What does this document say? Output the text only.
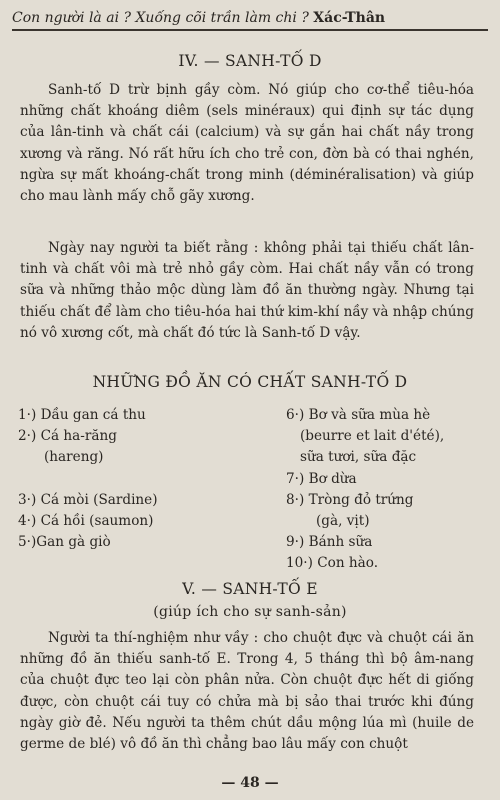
Con người là ai ? Xuống cõi trần làm chi ? Xác-Thân
IV. — SANH-TỐ D

Sanh-tố D trừ bịnh gầy còm. Nó giúp cho cơ-thể tiêu-hóa những chất khoáng diêm (sels minéraux) qui định sự tác dụng của lân-tinh và chất cái (calcium) và sự gắn hai chất nầy trong xương và răng. Nó rất hữu ích cho trẻ con, đờn bà có thai nghén, ngừa sự mất khoáng-chất trong minh (déminéralisation) và giúp cho mau lành mấy chỗ gãy xương.

Ngày nay người ta biết rằng : không phải tại thiếu chất lân-tinh và chất vôi mà trẻ nhỏ gầy còm. Hai chất nầy vẫn có trong sữa và những thảo mộc dùng làm đồ ăn thường ngày. Nhưng tại thiếu chất để làm cho tiêu-hóa hai thứ kim-khí nầy và nhập chúng nó vô xương cốt, mà chất đó tức là Sanh-tố D vậy.

NHỮNG ĐỒ ĂN CÓ CHẤT SANH-TỐ D
1·) Dầu gan cá thu
2·) Cá ha-răng
(hareng)
3·) Cá mòi (Sardine)
4·) Cá hồi (saumon)
5·)Gan gà giò
6·) Bơ và sữa mùa hè
(beurre et lait d'été),
sữa tươi, sữa đặc
7·) Bơ dừa
8·) Tròng đỏ trứng
(gà, vịt)
9·) Bánh sữa
10·) Con hào.
V. — SANH-TỐ E
(giúp ích cho sự sanh-sản)

Người ta thí-nghiệm như vầy : cho chuột đực và chuột cái ăn những đồ ăn thiếu sanh-tố E. Trong 4, 5 tháng thì bộ âm-nang của chuột đực teo lại còn phân nửa. Còn chuột đực hết di giống được, còn chuột cái tuy có chửa mà bị sảo thai trước khi đúng ngày giờ đẻ. Nếu người ta thêm chút dầu mộng lúa mì (huile de germe de blé) vô đồ ăn thì chẳng bao lâu mấy con chuột

— 48 —
